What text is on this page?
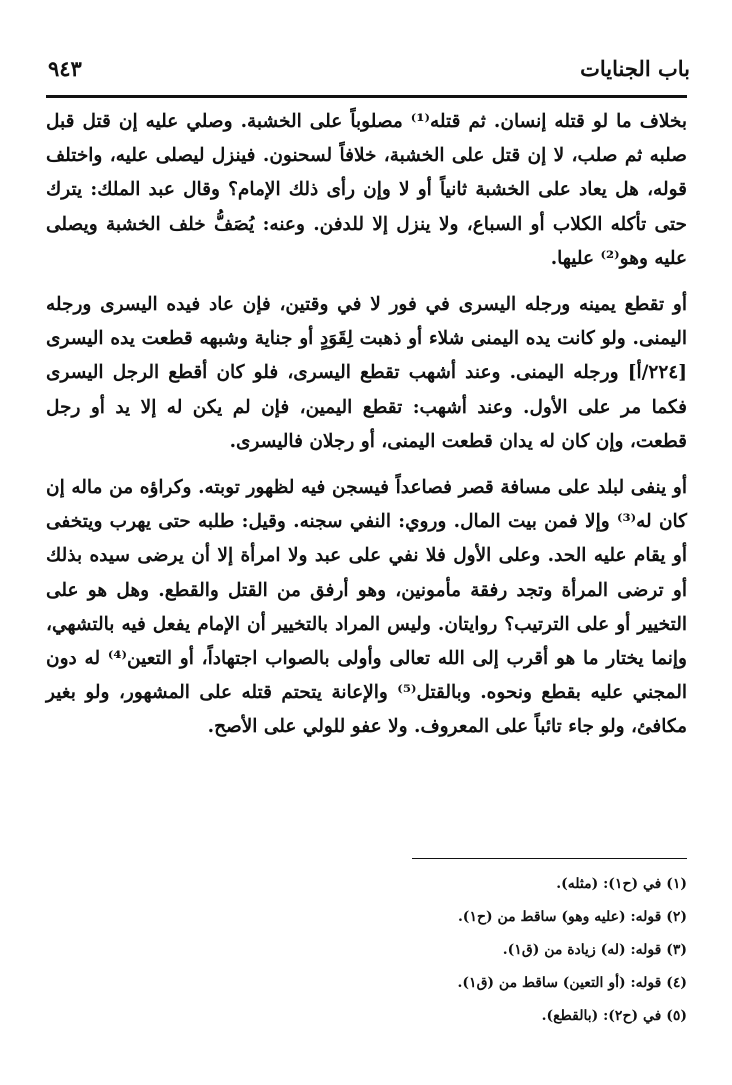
باب الجنايات
٩٤٣

بخلاف ما لو قتله إنسان. ثم قتله⁽¹⁾ مصلوباً على الخشبة. وصلي عليه إن قتل قبل صلبه ثم صلب، لا إن قتل على الخشبة، خلافاً لسحنون. فينزل ليصلى عليه، واختلف قوله، هل يعاد على الخشبة ثانياً أو لا وإن رأى ذلك الإمام؟ وقال عبد الملك: يترك حتى تأكله الكلاب أو السباع، ولا ينزل إلا للدفن. وعنه: يُصَفُّ خلف الخشبة ويصلى عليه وهو⁽²⁾ عليها.

أو تقطع يمينه ورجله اليسرى في فور لا في وقتين، فإن عاد فيده اليسرى ورجله اليمنى. ولو كانت يده اليمنى شلاء أو ذهبت لِقَوَدٍ أو جناية وشبهه قطعت يده اليسرى [٢٢٤/أ] ورجله اليمنى. وعند أشهب تقطع اليسرى، فلو كان أقطع الرجل اليسرى فكما مر على الأول. وعند أشهب: تقطع اليمين، فإن لم يكن له إلا يد أو رجل قطعت، وإن كان له يدان قطعت اليمنى، أو رجلان فاليسرى.

أو ينفى لبلد على مسافة قصر فصاعداً فيسجن فيه لظهور توبته. وكراؤه من ماله إن كان له⁽³⁾ وإلا فمن بيت المال. وروي: النفي سجنه. وقيل: طلبه حتى يهرب ويتخفى أو يقام عليه الحد. وعلى الأول فلا نفي على عبد ولا امرأة إلا أن يرضى سيده بذلك أو ترضى المرأة وتجد رفقة مأمونين، وهو أرفق من القتل والقطع. وهل هو على التخيير أو على الترتيب؟ روايتان. وليس المراد بالتخيير أن الإمام يفعل فيه بالتشهي، وإنما يختار ما هو أقرب إلى الله تعالى وأولى بالصواب اجتهاداً، أو التعين⁽⁴⁾ له دون المجني عليه بقطع ونحوه. وبالقتل⁽⁵⁾ والإعانة يتحتم قتله على المشهور، ولو بغير مكافئ، ولو جاء تائباً على المعروف. ولا عفو للولي على الأصح.

(١) في (ح١): (مثله).
(٢) قوله: (عليه وهو) ساقط من (ح١).
(٣) قوله: (له) زيادة من (ق١).
(٤) قوله: (أو التعين) ساقط من (ق١).
(٥) في (ح٢): (بالقطع).
